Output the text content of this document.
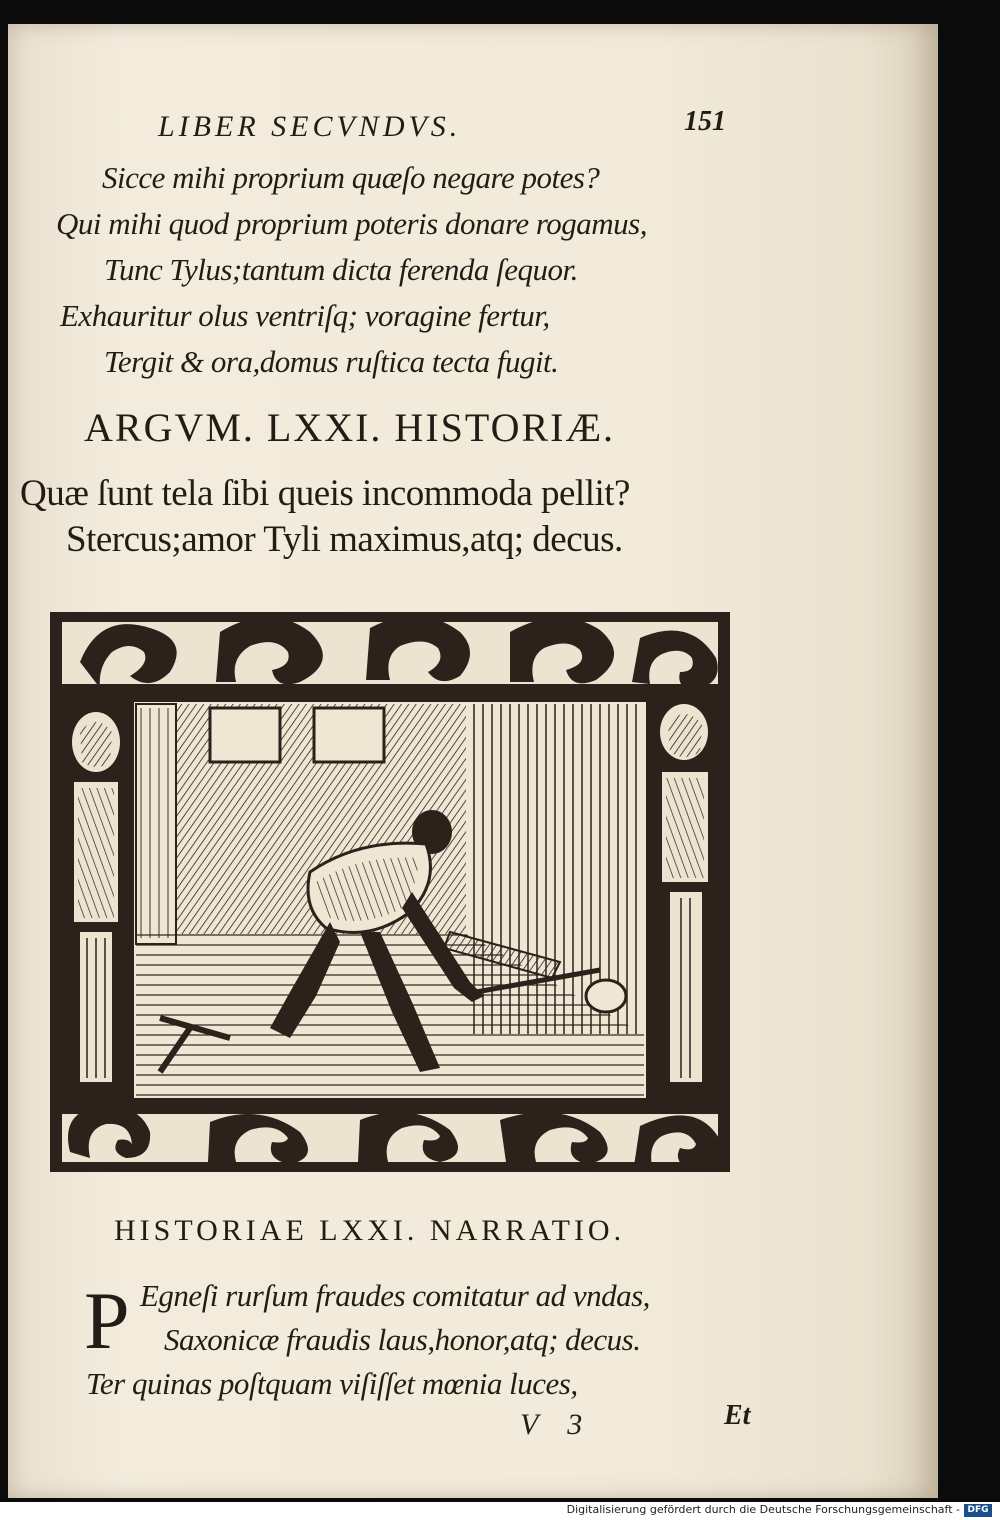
LIBER SECVNDVS.	151
Sicce mihi proprium quæſo negare potes?
Qui mihi quod proprium poteris donare rogamus,
Tunc Tylus;tantum dicta ferenda ſequor.
Exhauritur olus ventriſq; voragine fertur,
Tergit & ora,domus ruſtica tecta fugit.
ARGVM. LXXI. HISTORIÆ.
Quæ ſunt tela ſibi queis incommoda pellit?
Stercus;amor Tyli maximus,atq; decus.
HISTORIAE LXXI. NARRATIO.
P Egneſi rurſum fraudes comitatur ad vndas,
Saxonicæ fraudis laus,honor,atq; decus.
Ter quinas poſtquam viſiſſet mœnia luces,
V 3	Et
Digitalisierung gefördert durch die Deutsche Forschungsgemeinschaft - DFG
